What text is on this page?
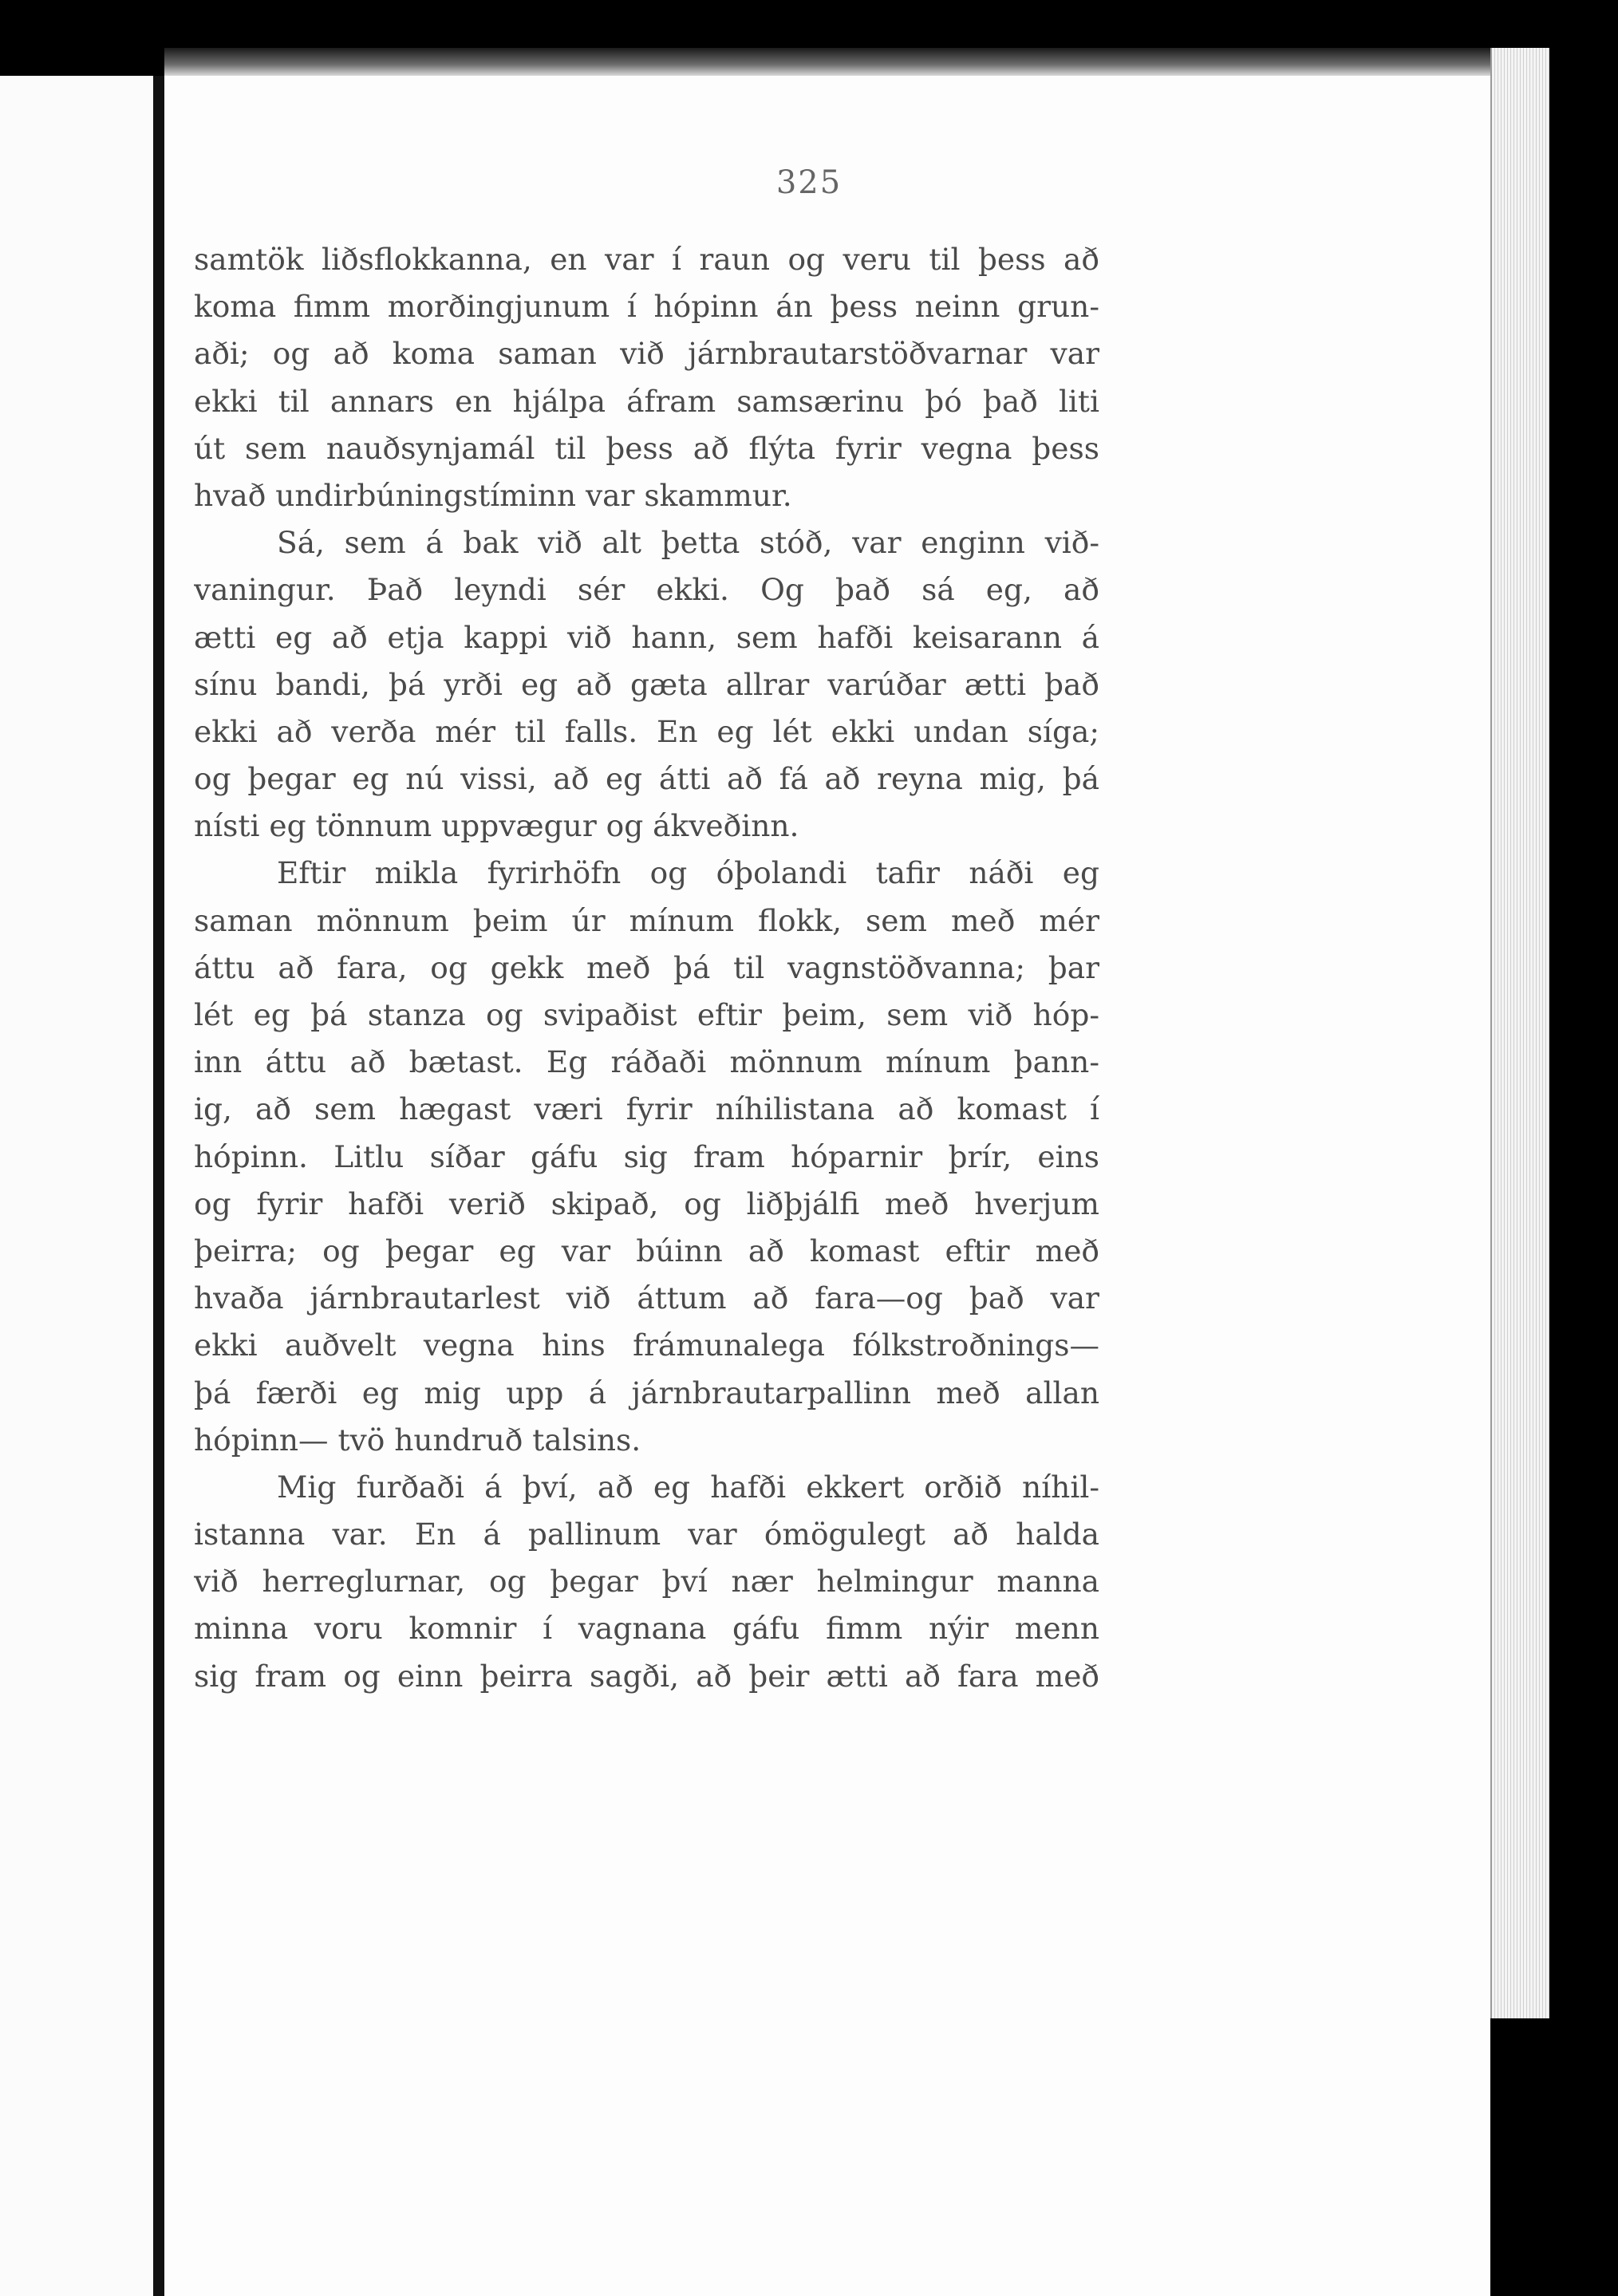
325
samtök liðsflokkanna, en var í raun og veru til þess að
koma fimm morðingjunum í hópinn án þess neinn grun-
aði; og að koma saman við járnbrautarstöðvarnar var
ekki til annars en hjálpa áfram samsærinu þó það liti
út sem nauðsynjamál til þess að flýta fyrir vegna þess
hvað undirbúningstíminn var skammur.
Sá, sem á bak við alt þetta stóð, var enginn við-
vaningur. Það leyndi sér ekki. Og það sá eg, að
ætti eg að etja kappi við hann, sem hafði keisarann á
sínu bandi, þá yrði eg að gæta allrar varúðar ætti það
ekki að verða mér til falls. En eg lét ekki undan síga;
og þegar eg nú vissi, að eg átti að fá að reyna mig, þá
nísti eg tönnum uppvægur og ákveðinn.
Eftir mikla fyrirhöfn og óþolandi tafir náði eg
saman mönnum þeim úr mínum flokk, sem með mér
áttu að fara, og gekk með þá til vagnstöðvanna; þar
lét eg þá stanza og svipaðist eftir þeim, sem við hóp-
inn áttu að bætast. Eg ráðaði mönnum mínum þann-
ig, að sem hægast væri fyrir níhilistana að komast í
hópinn. Litlu síðar gáfu sig fram hóparnir þrír, eins
og fyrir hafði verið skipað, og liðþjálfi með hverjum
þeirra; og þegar eg var búinn að komast eftir með
hvaða járnbrautarlest við áttum að fara—og það var
ekki auðvelt vegna hins frámunalega fólkstroðnings—
þá færði eg mig upp á járnbrautarpallinn með allan
hópinn— tvö hundruð talsins.
Mig furðaði á því, að eg hafði ekkert orðið níhil-
istanna var. En á pallinum var ómögulegt að halda
við herreglurnar, og þegar því nær helmingur manna
minna voru komnir í vagnana gáfu fimm nýir menn
sig fram og einn þeirra sagði, að þeir ætti að fara með
